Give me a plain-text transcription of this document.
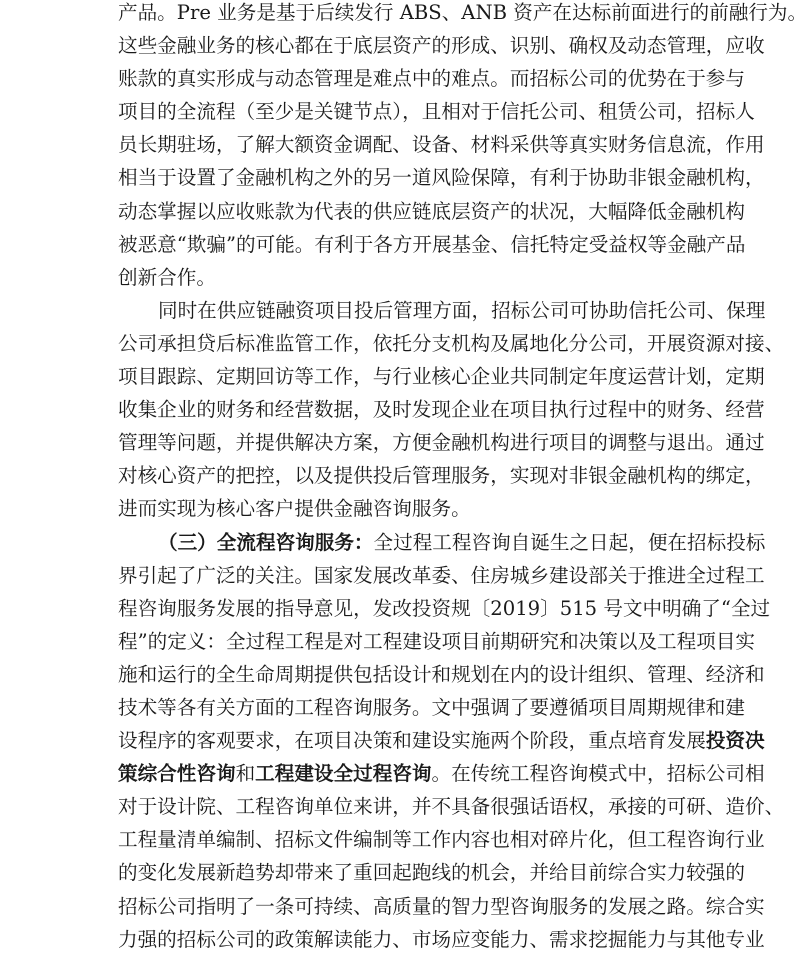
产品。Pre 业务是基于后续发行 ABS、ANB 资产在达标前面进行的前融行为。
这些金融业务的核心都在于底层资产的形成、识别、确权及动态管理，应收
账款的真实形成与动态管理是难点中的难点。而招标公司的优势在于参与
项目的全流程（至少是关键节点），且相对于信托公司、租赁公司，招标人
员长期驻场，了解大额资金调配、设备、材料采供等真实财务信息流，作用
相当于设置了金融机构之外的另一道风险保障，有利于协助非银金融机构，
动态掌握以应收账款为代表的供应链底层资产的状况，大幅降低金融机构
被恶意“欺骗”的可能。有利于各方开展基金、信托特定受益权等金融产品
创新合作。
同时在供应链融资项目投后管理方面，招标公司可协助信托公司、保理
公司承担贷后标准监管工作，依托分支机构及属地化分公司，开展资源对接、
项目跟踪、定期回访等工作，与行业核心企业共同制定年度运营计划，定期
收集企业的财务和经营数据，及时发现企业在项目执行过程中的财务、经营
管理等问题，并提供解决方案，方便金融机构进行项目的调整与退出。通过
对核心资产的把控，以及提供投后管理服务，实现对非银金融机构的绑定，
进而实现为核心客户提供金融咨询服务。
（三）全流程咨询服务：全过程工程咨询自诞生之日起，便在招标投标
界引起了广泛的关注。国家发展改革委、住房城乡建设部关于推进全过程工
程咨询服务发展的指导意见，发改投资规〔2019〕515 号文中明确了“全过
程”的定义：全过程工程是对工程建设项目前期研究和决策以及工程项目实
施和运行的全生命周期提供包括设计和规划在内的设计组织、管理、经济和
技术等各有关方面的工程咨询服务。文中强调了要遵循项目周期规律和建
设程序的客观要求，在项目决策和建设实施两个阶段，重点培育发展投资决
策综合性咨询和工程建设全过程咨询。在传统工程咨询模式中，招标公司相
对于设计院、工程咨询单位来讲，并不具备很强话语权，承接的可研、造价、
工程量清单编制、招标文件编制等工作内容也相对碎片化，但工程咨询行业
的变化发展新趋势却带来了重回起跑线的机会，并给目前综合实力较强的
招标公司指明了一条可持续、高质量的智力型咨询服务的发展之路。综合实
力强的招标公司的政策解读能力、市场应变能力、需求挖掘能力与其他专业
